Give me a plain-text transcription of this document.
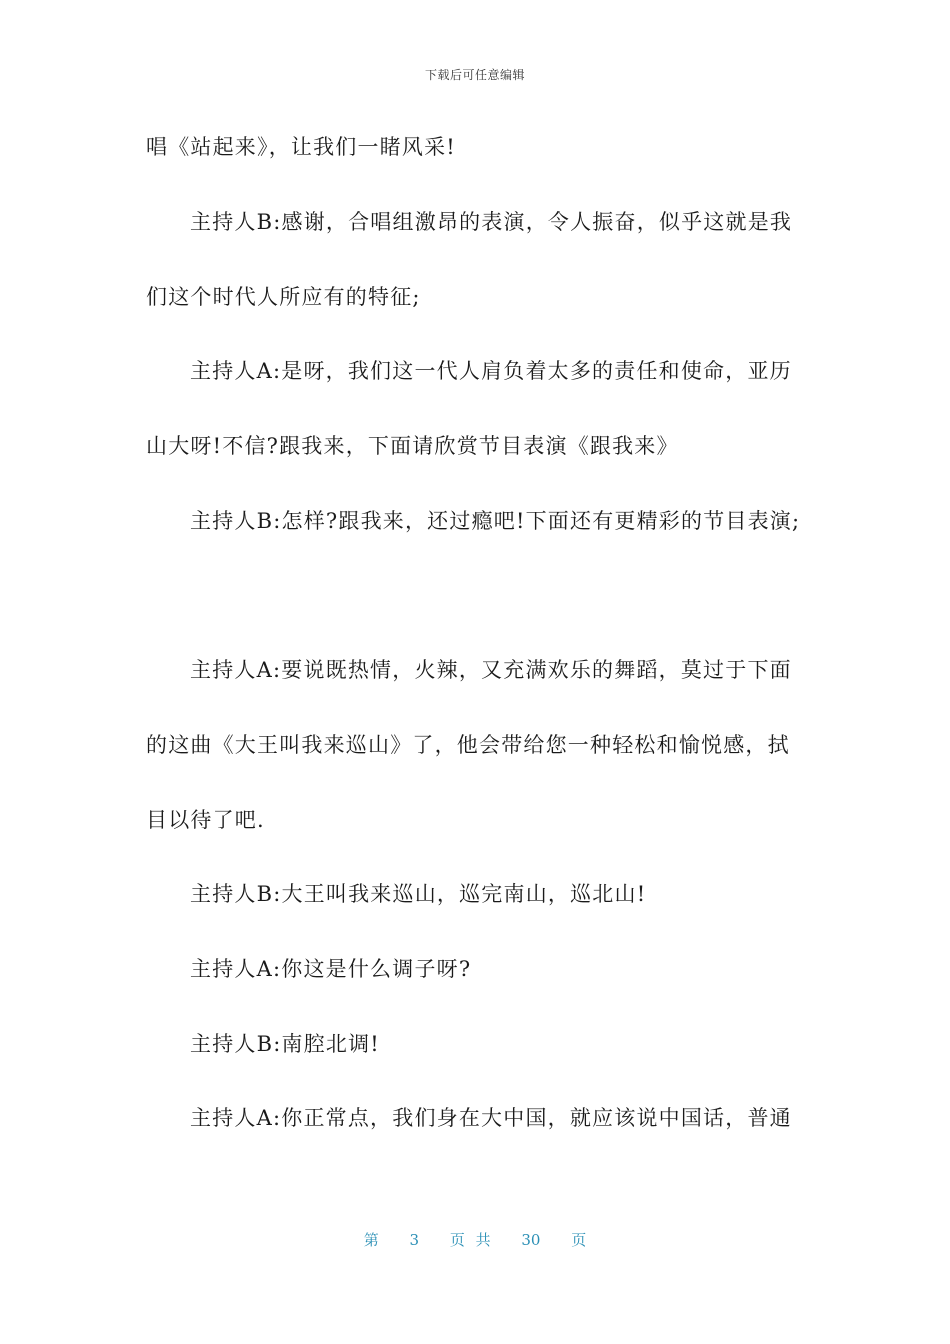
下载后可任意编辑
唱《站起来》，让我们一睹风采!
主持人B:感谢，合唱组激昂的表演，令人振奋，似乎这就是我
们这个时代人所应有的特征;
主持人A:是呀，我们这一代人肩负着太多的责任和使命，亚历
山大呀!不信?跟我来，下面请欣赏节目表演《跟我来》
主持人B:怎样?跟我来，还过瘾吧!下面还有更精彩的节目表演;
主持人A:要说既热情，火辣，又充满欢乐的舞蹈，莫过于下面
的这曲《大王叫我来巡山》了，他会带给您一种轻松和愉悦感，拭
目以待了吧.
主持人B:大王叫我来巡山，巡完南山，巡北山!
主持人A:你这是什么调子呀?
主持人B:南腔北调!
主持人A:你正常点，我们身在大中国，就应该说中国话，普通
第 3 页 共 30 页
